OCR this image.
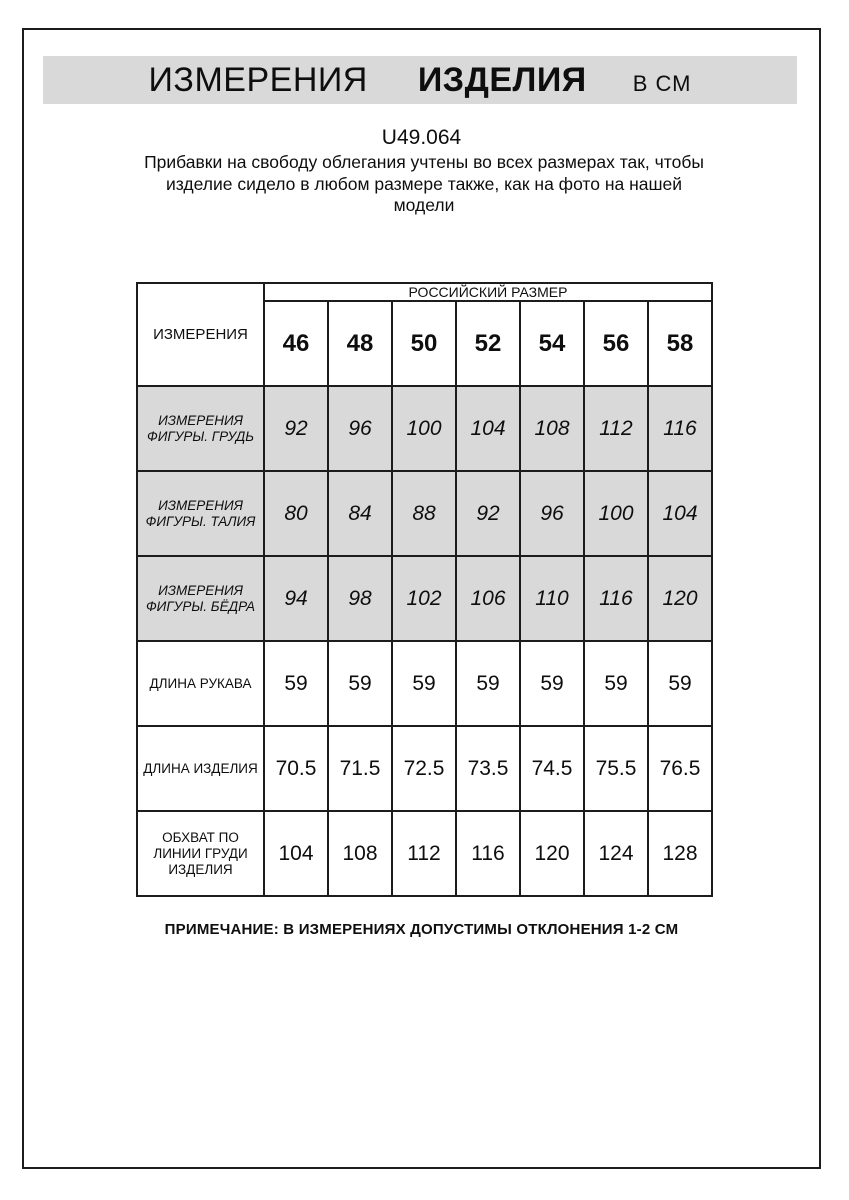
ИЗМЕРЕНИЯ ИЗДЕЛИЯ В СМ
U49.064
Прибавки на свободу облегания учтены во всех размерах так, чтобы изделие сидело в любом размере также, как на фото на нашей модели
ИЗМЕРЕНИЯ	РОССИЙСКИЙ РАЗМЕР						
	46	48	50	52	54	56	58
ИЗМЕРЕНИЯ ФИГУРЫ. ГРУДЬ	92	96	100	104	108	112	116
ИЗМЕРЕНИЯ ФИГУРЫ. ТАЛИЯ	80	84	88	92	96	100	104
ИЗМЕРЕНИЯ ФИГУРЫ. БЁДРА	94	98	102	106	110	116	120
ДЛИНА РУКАВА	59	59	59	59	59	59	59
ДЛИНА ИЗДЕЛИЯ	70.5	71.5	72.5	73.5	74.5	75.5	76.5
ОБХВАТ ПО ЛИНИИ ГРУДИ ИЗДЕЛИЯ	104	108	112	116	120	124	128
ПРИМЕЧАНИЕ: В ИЗМЕРЕНИЯХ ДОПУСТИМЫ ОТКЛОНЕНИЯ 1-2 СМ
